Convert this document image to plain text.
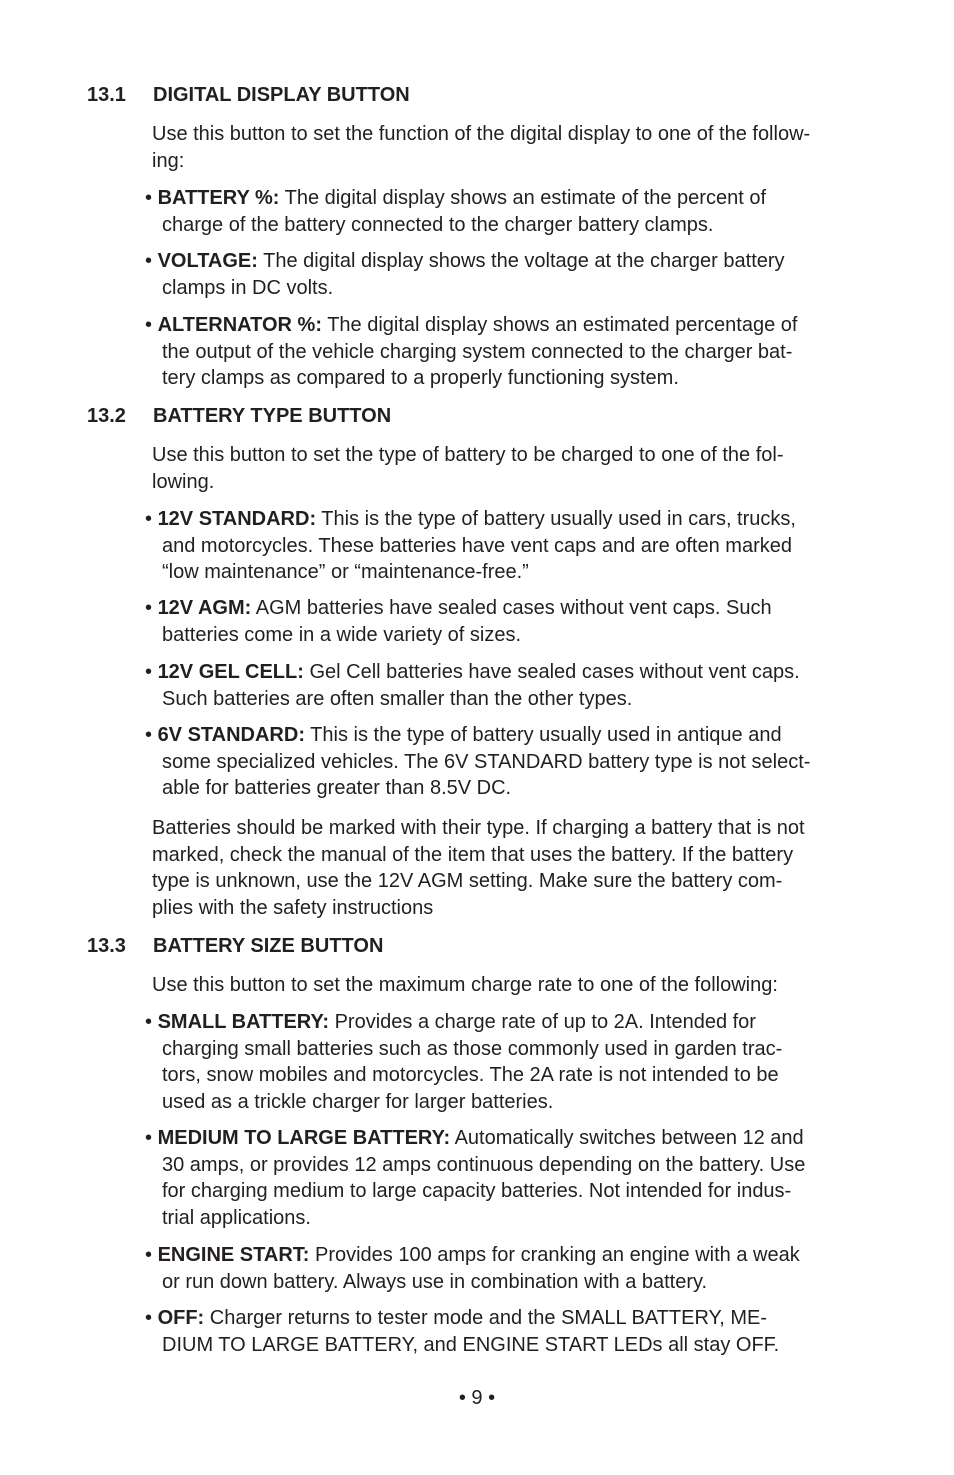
13.1 DIGITAL DISPLAY BUTTON
Use this button to set the function of the digital display to one of the follow-
ing:
• BATTERY %: The digital display shows an estimate of the percent of
charge of the battery connected to the charger battery clamps.
• VOLTAGE: The digital display shows the voltage at the charger battery
clamps in DC volts.
• ALTERNATOR %: The digital display shows an estimated percentage of
the output of the vehicle charging system connected to the charger bat-
tery clamps as compared to a properly functioning system.
13.2 BATTERY TYPE BUTTON
Use this button to set the type of battery to be charged to one of the fol-
lowing.
• 12V STANDARD: This is the type of battery usually used in cars, trucks,
and motorcycles. These batteries have vent caps and are often marked
“low maintenance” or “maintenance-free.”
• 12V AGM: AGM batteries have sealed cases without vent caps. Such
batteries come in a wide variety of sizes.
• 12V GEL CELL: Gel Cell batteries have sealed cases without vent caps.
Such batteries are often smaller than the other types.
• 6V STANDARD: This is the type of battery usually used in antique and
some specialized vehicles. The 6V STANDARD battery type is not select-
able for batteries greater than 8.5V DC.
Batteries should be marked with their type. If charging a battery that is not
marked, check the manual of the item that uses the battery. If the battery
type is unknown, use the 12V AGM setting. Make sure the battery com-
plies with the safety instructions
13.3 BATTERY SIZE BUTTON
Use this button to set the maximum charge rate to one of the following:
• SMALL BATTERY: Provides a charge rate of up to 2A. Intended for
charging small batteries such as those commonly used in garden trac-
tors, snow mobiles and motorcycles. The 2A rate is not intended to be
used as a trickle charger for larger batteries.
• MEDIUM TO LARGE BATTERY: Automatically switches between 12 and
30 amps, or provides 12 amps continuous depending on the battery. Use
for charging medium to large capacity batteries. Not intended for indus-
trial applications.
• ENGINE START: Provides 100 amps for cranking an engine with a weak
or run down battery. Always use in combination with a battery.
• OFF: Charger returns to tester mode and the SMALL BATTERY, ME-
DIUM TO LARGE BATTERY, and ENGINE START LEDs all stay OFF.
• 9 •
